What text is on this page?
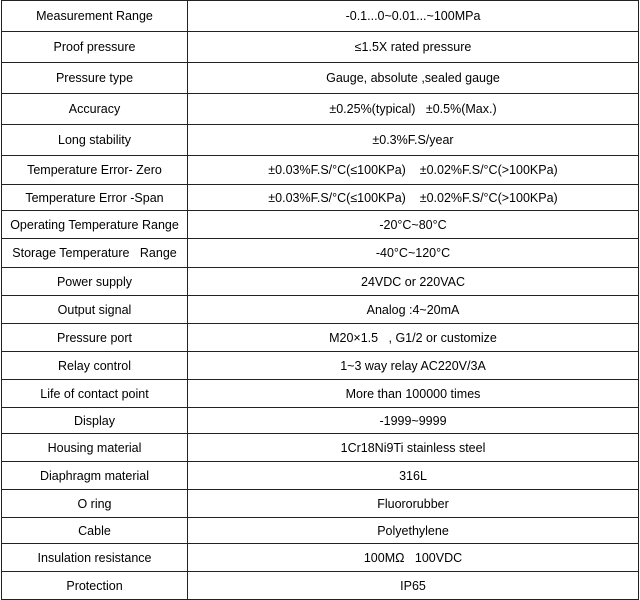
Measurement Range	-0.1...0~0.01...~100MPa
Proof pressure	≤1.5X rated pressure
Pressure type	Gauge, absolute ,sealed gauge
Accuracy	±0.25%(typical)   ±0.5%(Max.)
Long stability	±0.3%F.S/year
Temperature Error- Zero	±0.03%F.S/°C(≤100KPa)    ±0.02%F.S/°C(>100KPa)
Temperature Error -Span	±0.03%F.S/°C(≤100KPa)    ±0.02%F.S/°C(>100KPa)
Operating Temperature Range	-20°C~80°C
Storage Temperature   Range	-40°C~120°C
Power supply	24VDC or 220VAC
Output signal	Analog :4~20mA
Pressure port	M20×1.5   , G1/2 or customize
Relay control	1~3 way relay AC220V/3A
Life of contact point	More than 100000 times
Display	-1999~9999
Housing material	1Cr18Ni9Ti stainless steel
Diaphragm material	316L
O ring	Fluororubber
Cable	Polyethylene
Insulation resistance	100MΩ   100VDC
Protection	IP65
